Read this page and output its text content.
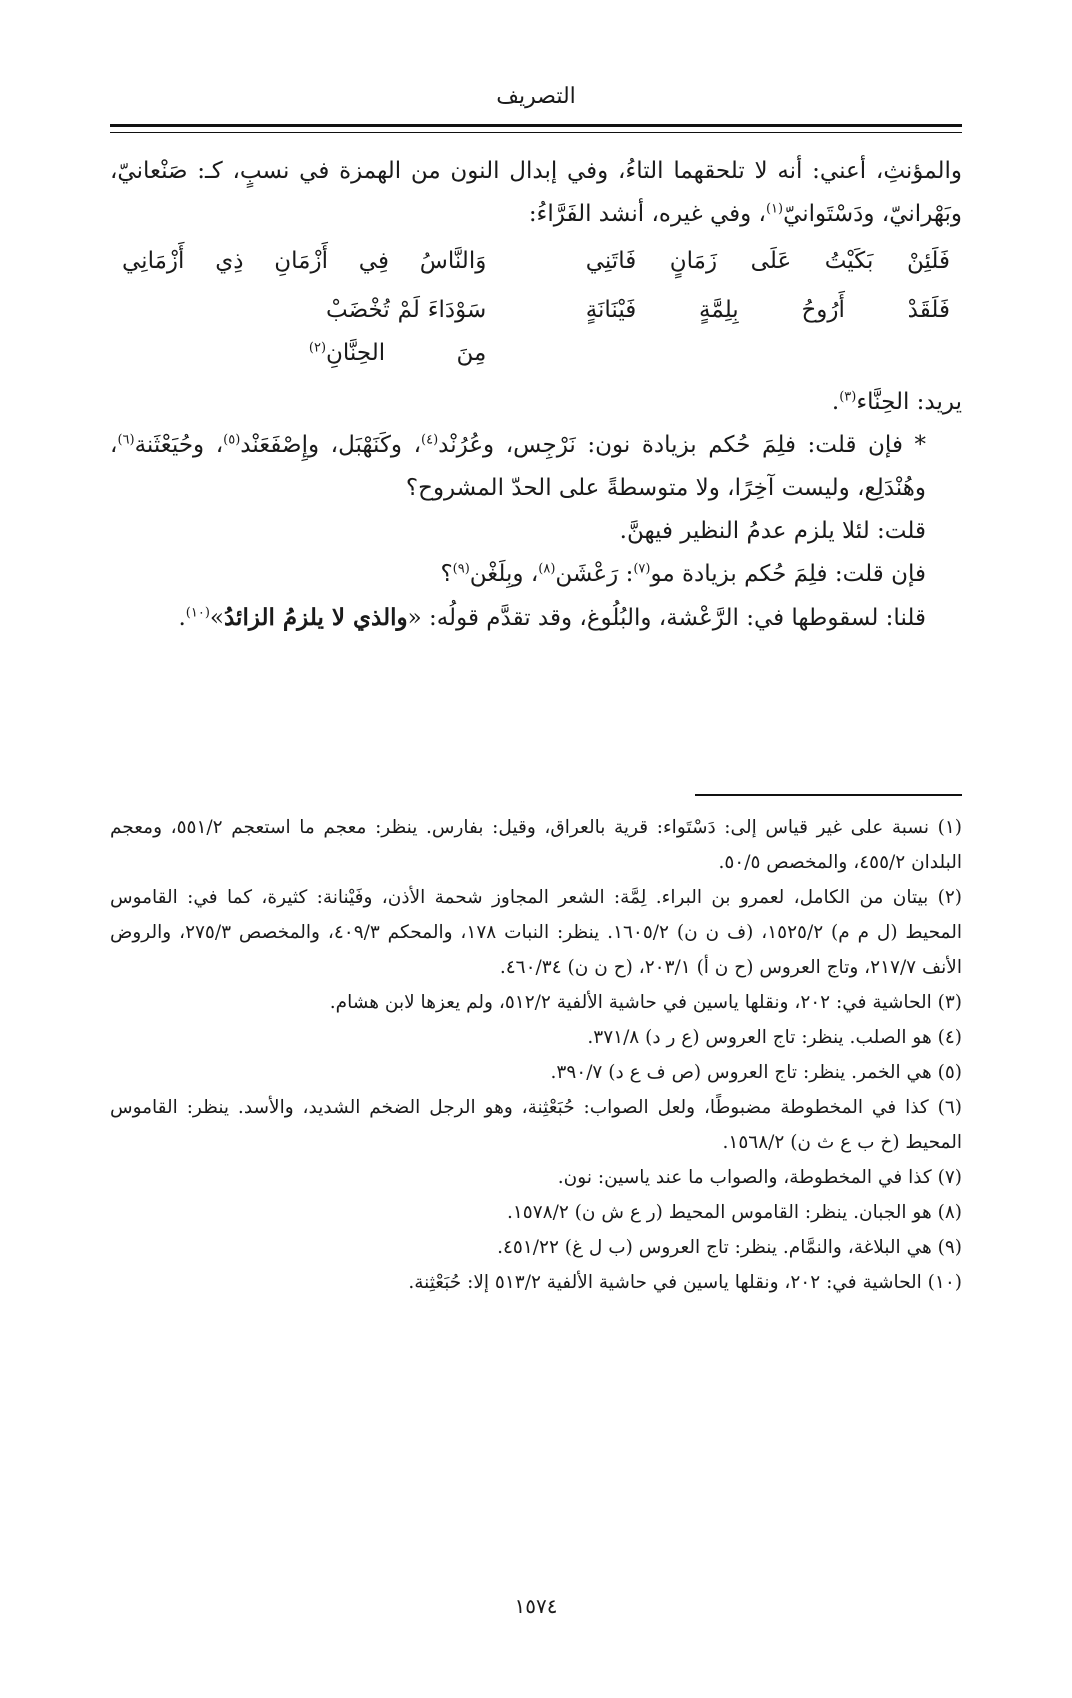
التصريف

والمؤنثِ، أعني: أنه لا تلحقهما التاءُ، وفي إبدال النون من الهمزة في نسبٍ، كـ: صَنْعانيّ، وبَهْرانيّ، ودَسْتَوانيّ$^{(١)}$، وفي غيره، أنشد الفَرَّاءُ:

فَلَئِنْ بَكَيْتُ عَلَى زَمَانٍ فَاتَنِي
وَالنَّاسُ فِي أَزْمَانِ ذِي أَزْمَانِي
فَلَقَدْ أَرُوحُ بِلِمَّةٍ فَيْنَانَةٍ
سَوْدَاءَ لَمْ تُخْضَبْ مِنَ الحِنَّانِ$^{(٢)}$

يريد: الحِنَّاء$^{(٣)}$.

* فإن قلت: فلِمَ حُكم بزيادة نون: نَرْجِس، وعُرُنْد$^{(٤)}$، وكَنَهْبَل، وإِصْفَعَنْد$^{(٥)}$، وحُيَعْثَنة$^{(٦)}$، وهُنْدَلِع، وليست آخِرًا، ولا متوسطةً على الحدّ المشروح؟

قلت: لئلا يلزم عدمُ النظير فيهنَّ.

فإن قلت: فلِمَ حُكم بزيادة مو$^{(٧)}$: رَعْشَن$^{(٨)}$، وبِلَغْن$^{(٩)}$؟

قلنا: لسقوطها في: الرَّعْشة، والبُلُوغ، وقد تقدَّم قولُه: «والذي لا يلزمُ الزائدُ»$^{(١٠)}$.

(١) نسبة على غير قياس إلى: دَسْتَواء: قرية بالعراق، وقيل: بفارس. ينظر: معجم ما استعجم ٥٥١/٢، ومعجم البلدان ٤٥٥/٢، والمخصص ٥٠/٥.

(٢) بيتان من الكامل، لعمرو بن البراء. لِمَّة: الشعر المجاوز شحمة الأذن، وفَيْنانة: كثيرة، كما في: القاموس المحيط (ل م م) ١٥٢٥/٢، (ف ن ن) ١٦٠٥/٢. ينظر: النبات ١٧٨، والمحكم ٤٠٩/٣، والمخصص ٢٧٥/٣، والروض الأنف ٢١٧/٧، وتاج العروس (ح ن أ) ٢٠٣/١، (ح ن ن) ٤٦٠/٣٤.

(٣) الحاشية في: ٢٠٢، ونقلها ياسين في حاشية الألفية ٥١٢/٢، ولم يعزها لابن هشام.

(٤) هو الصلب. ينظر: تاج العروس (ع ر د) ٣٧١/٨.

(٥) هي الخمر. ينظر: تاج العروس (ص ف ع د) ٣٩٠/٧.

(٦) كذا في المخطوطة مضبوطًا، ولعل الصواب: حُبَعْثِنة، وهو الرجل الضخم الشديد، والأسد. ينظر: القاموس المحيط (خ ب ع ث ن) ١٥٦٨/٢.

(٧) كذا في المخطوطة، والصواب ما عند ياسين: نون.

(٨) هو الجبان. ينظر: القاموس المحيط (ر ع ش ن) ١٥٧٨/٢.

(٩) هي البلاغة، والنمَّام. ينظر: تاج العروس (ب ل غ) ٤٥١/٢٢.

(١٠) الحاشية في: ٢٠٢، ونقلها ياسين في حاشية الألفية ٥١٣/٢ إلا: حُبَعْثِنة.

١٥٧٤
